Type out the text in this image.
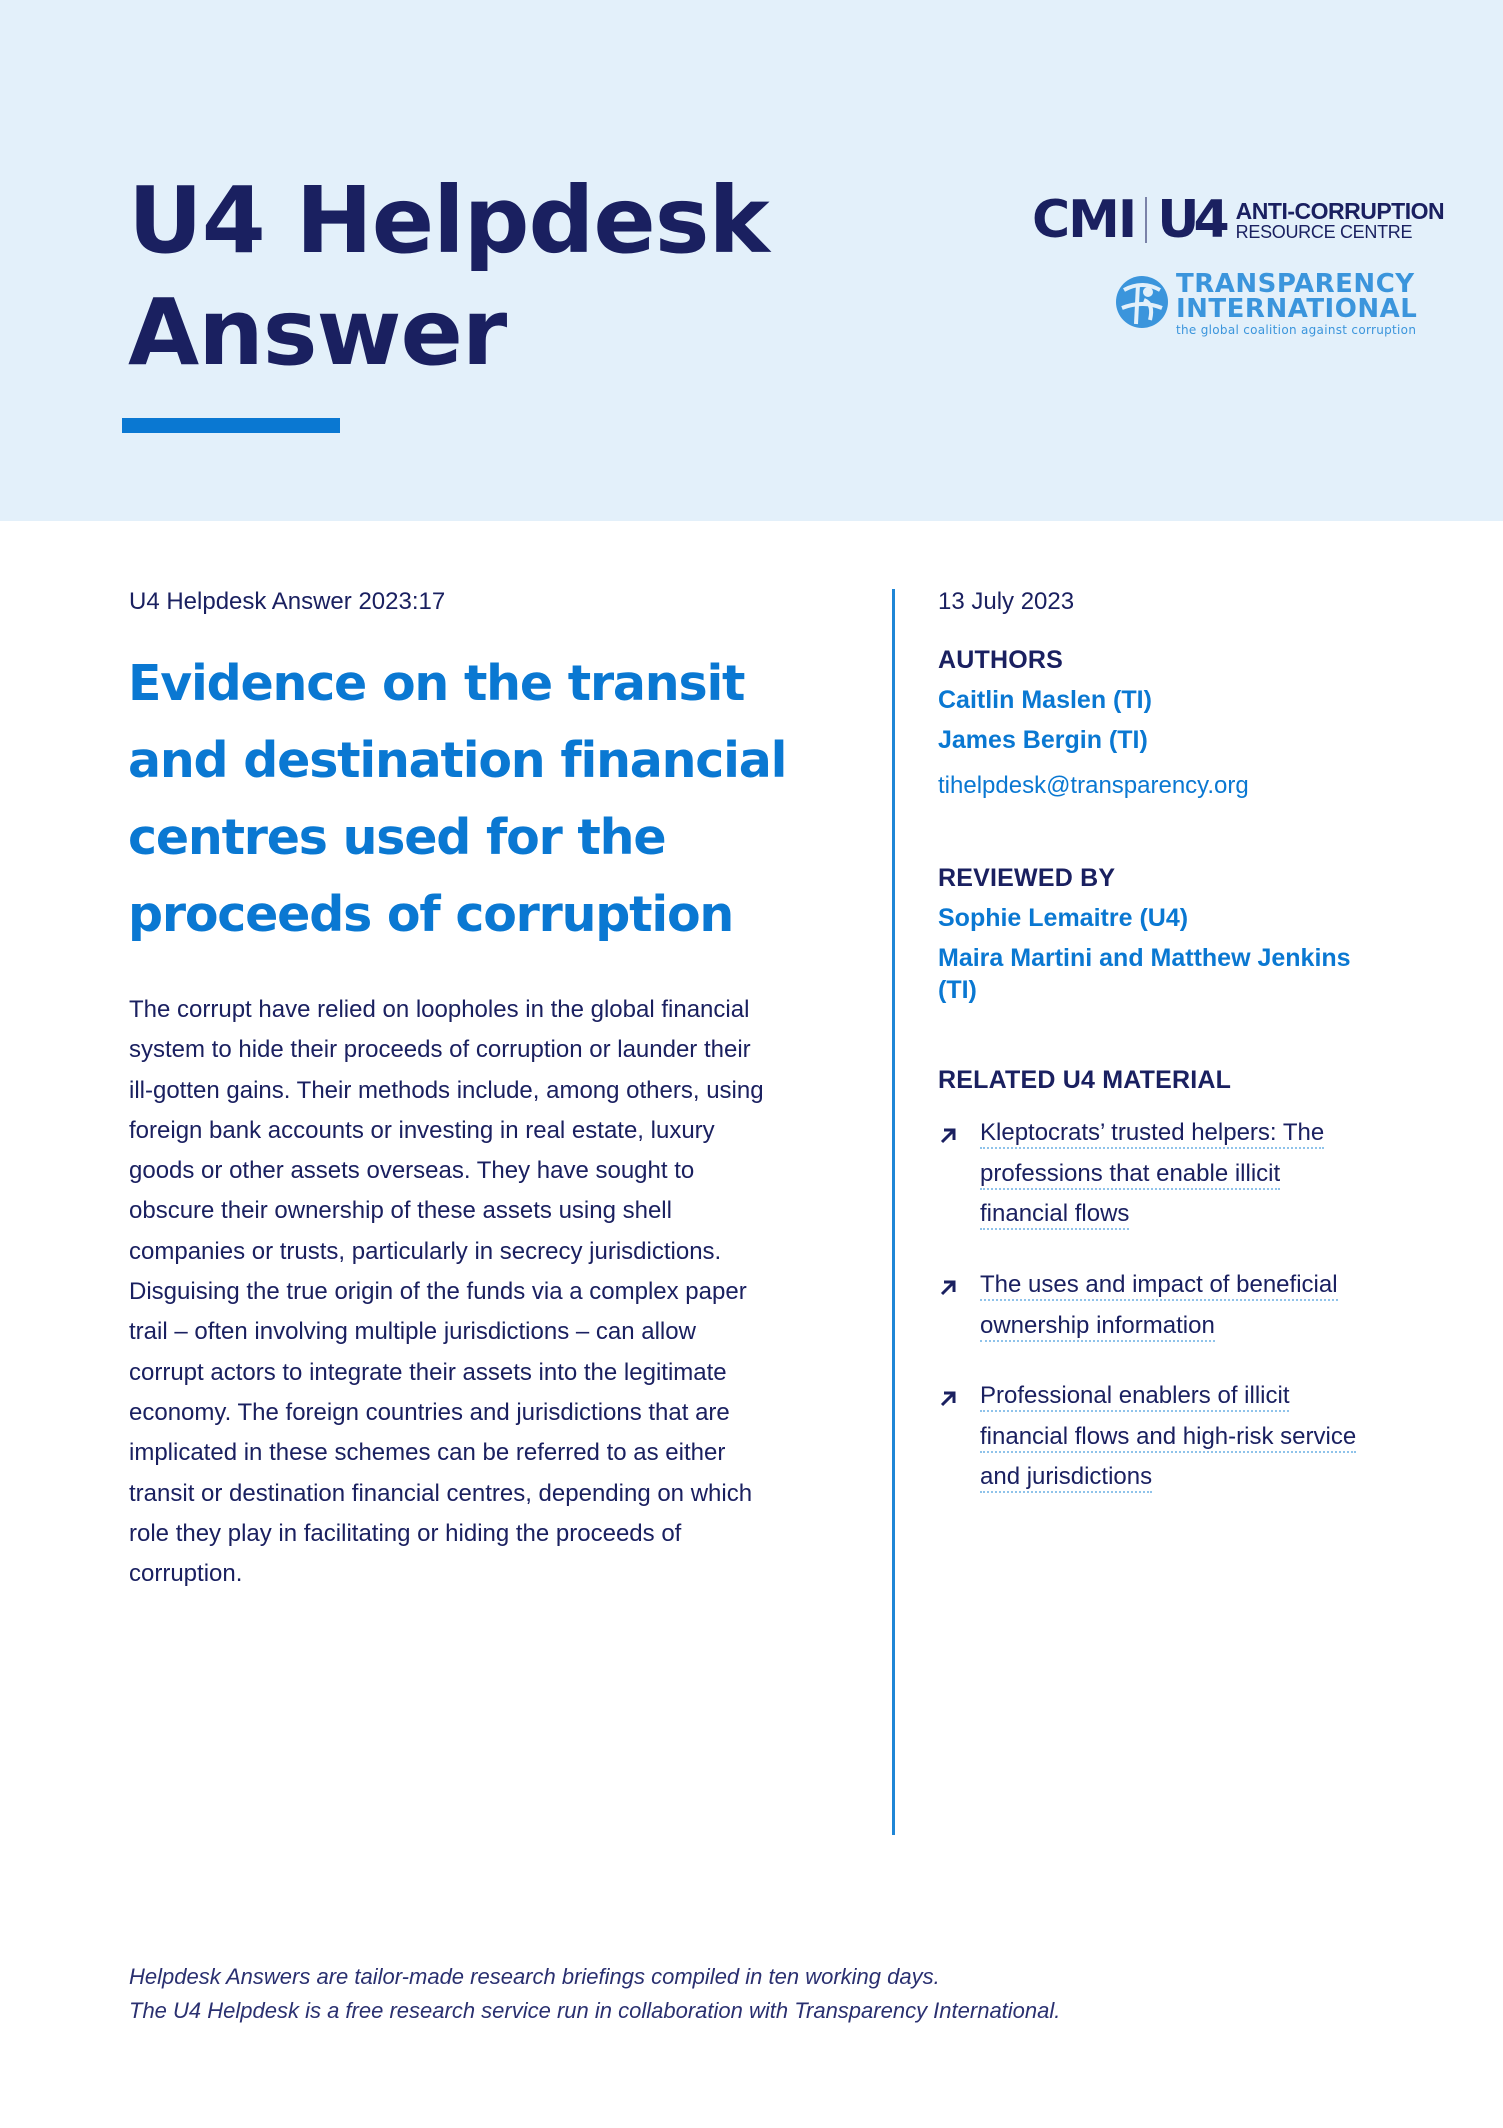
U4 Helpdesk
Answer
CMI U4 ANTI-CORRUPTION
RESOURCE CENTRE
TRANSPARENCY
INTERNATIONAL
the global coalition against corruption
U4 Helpdesk Answer 2023:17
Evidence on the transit
and destination financial
centres used for the
proceeds of corruption
The corrupt have relied on loopholes in the global financial
system to hide their proceeds of corruption or launder their
ill-gotten gains. Their methods include, among others, using
foreign bank accounts or investing in real estate, luxury
goods or other assets overseas. They have sought to
obscure their ownership of these assets using shell
companies or trusts, particularly in secrecy jurisdictions.
Disguising the true origin of the funds via a complex paper
trail – often involving multiple jurisdictions – can allow
corrupt actors to integrate their assets into the legitimate
economy. The foreign countries and jurisdictions that are
implicated in these schemes can be referred to as either
transit or destination financial centres, depending on which
role they play in facilitating or hiding the proceeds of
corruption.
13 July 2023
AUTHORS
Caitlin Maslen (TI)
James Bergin (TI)
tihelpdesk@transparency.org
REVIEWED BY
Sophie Lemaitre (U4)
Maira Martini and Matthew Jenkins
(TI)
RELATED U4 MATERIAL
Kleptocrats’ trusted helpers: The
professions that enable illicit
financial flows
The uses and impact of beneficial
ownership information
Professional enablers of illicit
financial flows and high-risk service
and jurisdictions
Helpdesk Answers are tailor-made research briefings compiled in ten working days.
The U4 Helpdesk is a free research service run in collaboration with Transparency International.
